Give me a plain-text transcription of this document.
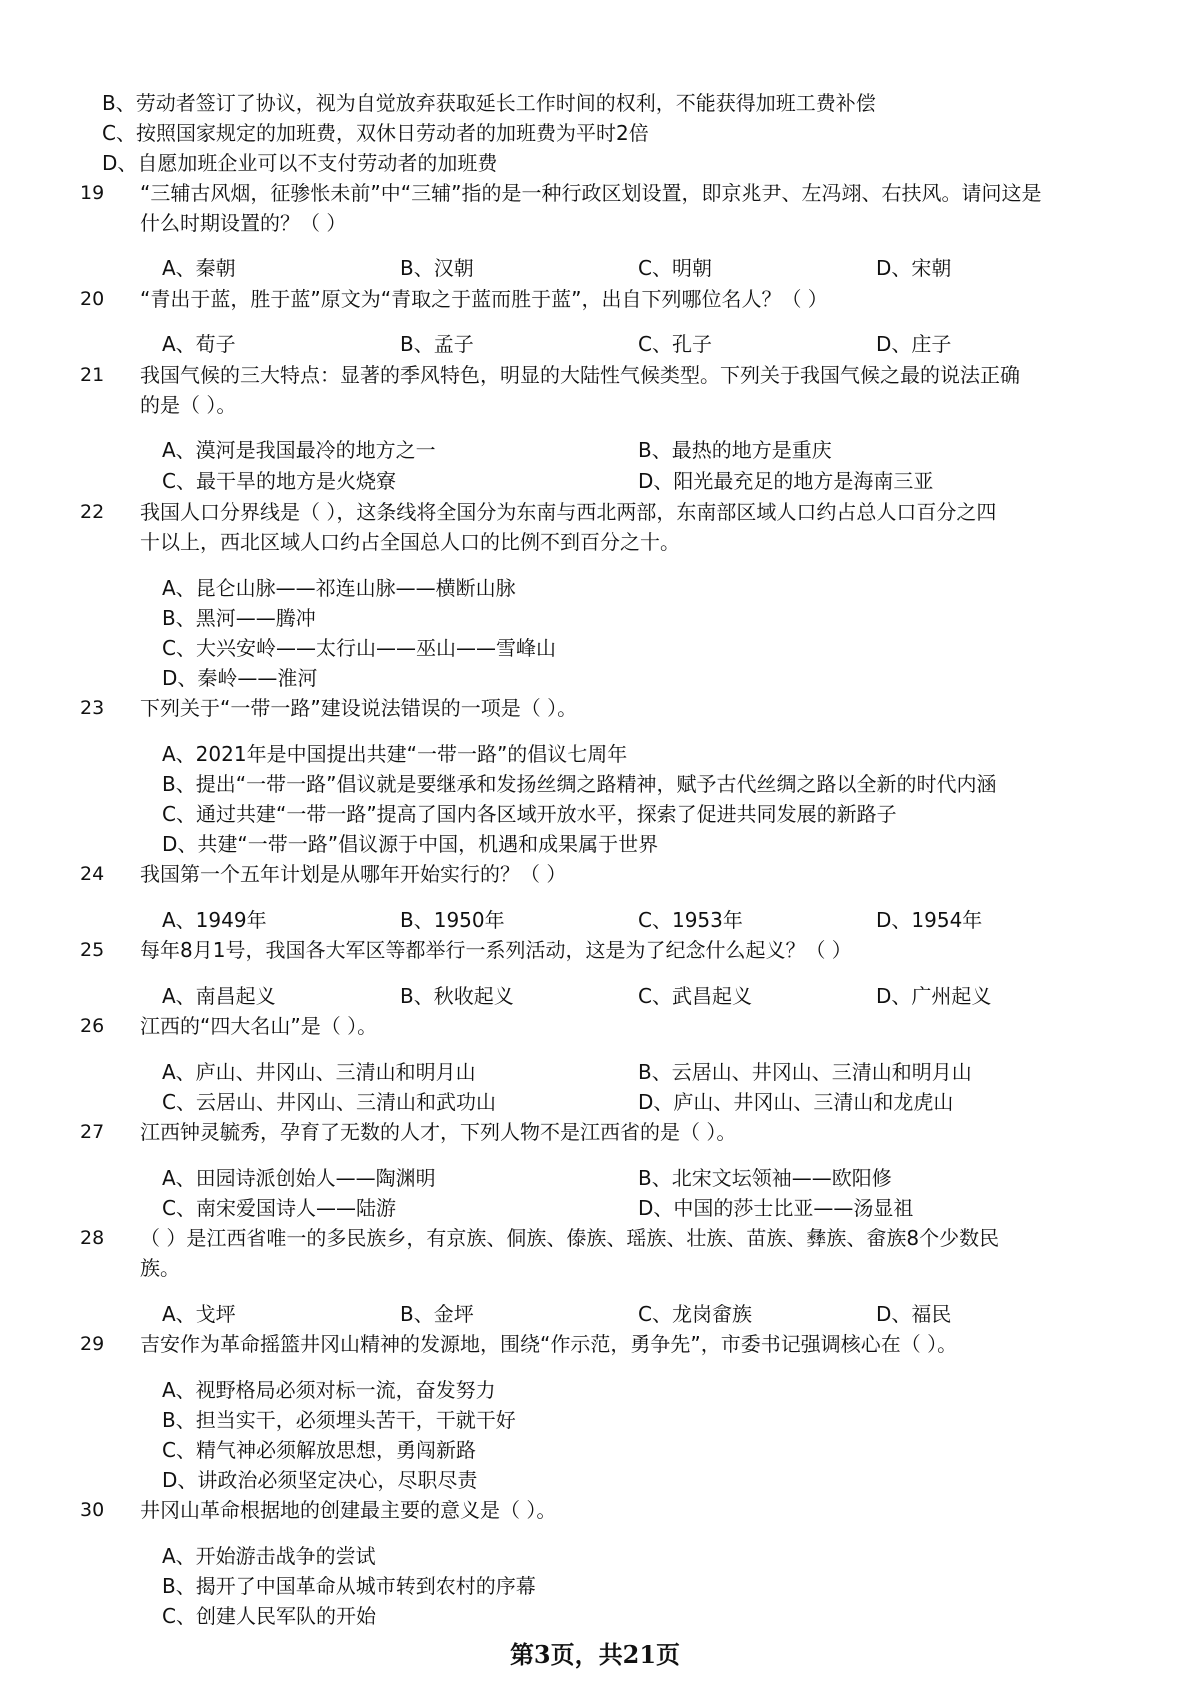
B、劳动者签订了协议，视为自觉放弃获取延长工作时间的权利，不能获得加班工费补偿
C、按照国家规定的加班费，双休日劳动者的加班费为平时2倍
D、自愿加班企业可以不支付劳动者的加班费
19	“三辅古风烟，征骖怅未前”中“三辅”指的是一种行政区划设置，即京兆尹、左冯翊、右扶风。请问这是
什么时期设置的？（ ）
A、秦朝	B、汉朝	C、明朝	D、宋朝
20	“青出于蓝，胜于蓝”原文为“青取之于蓝而胜于蓝”，出自下列哪位名人？（ ）
A、荀子	B、孟子	C、孔子	D、庄子
21	我国气候的三大特点：显著的季风特色，明显的大陆性气候类型。下列关于我国气候之最的说法正确
的是（ ）。
A、漠河是我国最冷的地方之一	B、最热的地方是重庆
C、最干旱的地方是火烧寮	D、阳光最充足的地方是海南三亚
22	我国人口分界线是（ ），这条线将全国分为东南与西北两部，东南部区域人口约占总人口百分之四
十以上，西北区域人口约占全国总人口的比例不到百分之十。
A、昆仑山脉——祁连山脉——横断山脉
B、黑河——腾冲
C、大兴安岭——太行山——巫山——雪峰山
D、秦岭——淮河
23	下列关于“一带一路”建设说法错误的一项是（ ）。
A、2021年是中国提出共建“一带一路”的倡议七周年
B、提出“一带一路”倡议就是要继承和发扬丝绸之路精神，赋予古代丝绸之路以全新的时代内涵
C、通过共建“一带一路”提高了国内各区域开放水平，探索了促进共同发展的新路子
D、共建“一带一路”倡议源于中国，机遇和成果属于世界
24	我国第一个五年计划是从哪年开始实行的？（ ）
A、1949年	B、1950年	C、1953年	D、1954年
25	每年8月1号，我国各大军区等都举行一系列活动，这是为了纪念什么起义？（ ）
A、南昌起义	B、秋收起义	C、武昌起义	D、广州起义
26	江西的“四大名山”是（ ）。
A、庐山、井冈山、三清山和明月山	B、云居山、井冈山、三清山和明月山
C、云居山、井冈山、三清山和武功山	D、庐山、井冈山、三清山和龙虎山
27	江西钟灵毓秀，孕育了无数的人才，下列人物不是江西省的是（ ）。
A、田园诗派创始人——陶渊明	B、北宋文坛领袖——欧阳修
C、南宋爱国诗人——陆游	D、中国的莎士比亚——汤显祖
28	（ ）是江西省唯一的多民族乡，有京族、侗族、傣族、瑶族、壮族、苗族、彝族、畲族8个少数民
族。
A、戈坪	B、金坪	C、龙岗畲族	D、福民
29	吉安作为革命摇篮井冈山精神的发源地，围绕“作示范，勇争先”，市委书记强调核心在（ ）。
A、视野格局必须对标一流，奋发努力
B、担当实干，必须埋头苦干，干就干好
C、精气神必须解放思想，勇闯新路
D、讲政治必须坚定决心，尽职尽责
30	井冈山革命根据地的创建最主要的意义是（ ）。
A、开始游击战争的尝试
B、揭开了中国革命从城市转到农村的序幕
C、创建人民军队的开始
第3页，共21页
